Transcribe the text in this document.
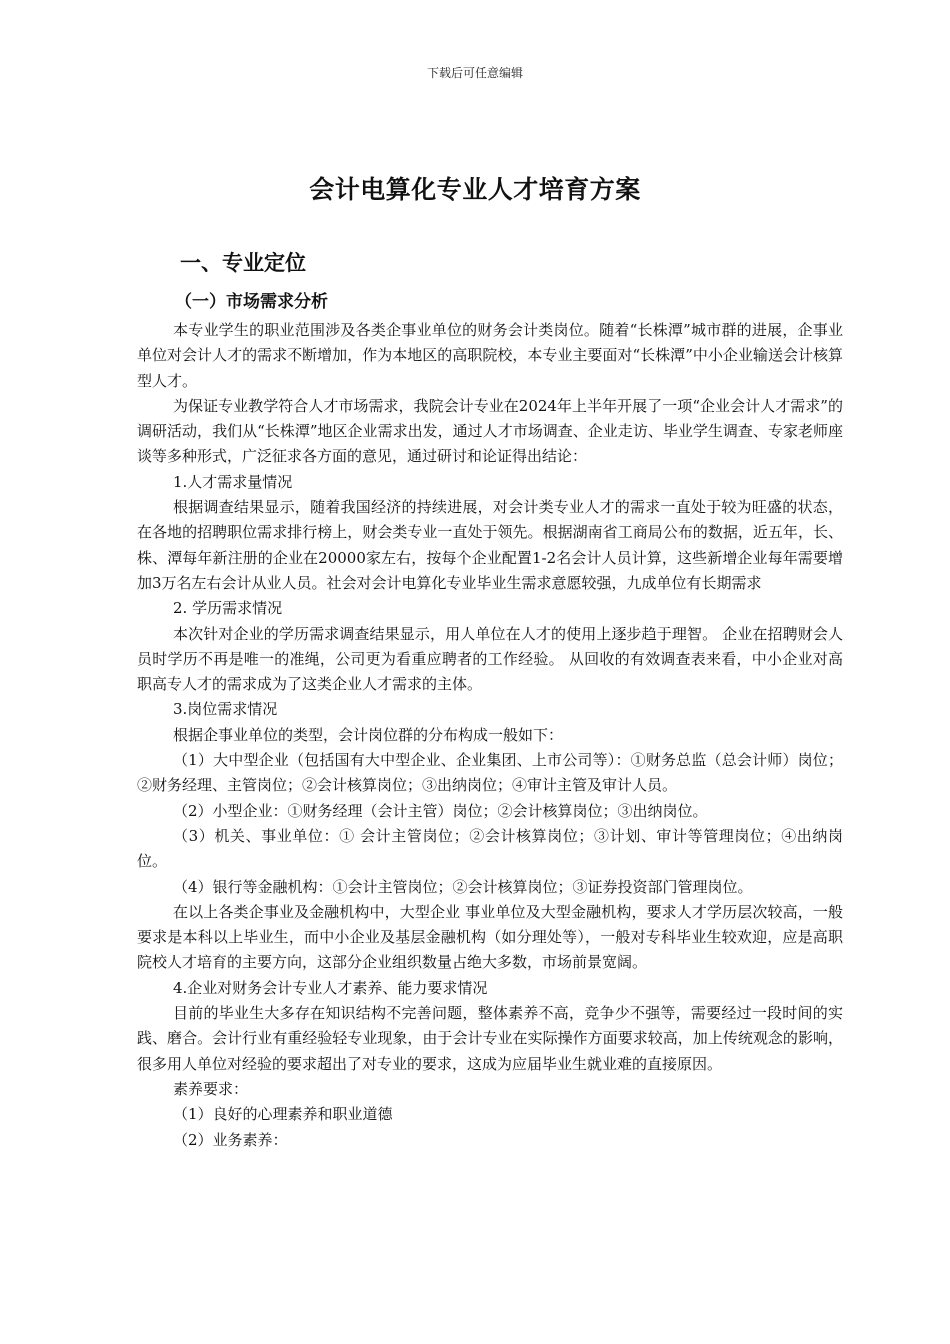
下载后可任意编辑
会计电算化专业人才培育方案
一、专业定位
（一）市场需求分析

本专业学生的职业范围涉及各类企事业单位的财务会计类岗位。随着“长株潭”城市群的进展，企事业单位对会计人才的需求不断增加，作为本地区的高职院校，本专业主要面对“长株潭”中小企业输送会计核算型人才。

为保证专业教学符合人才市场需求，我院会计专业在2024年上半年开展了一项“企业会计人才需求”的调研活动，我们从“长株潭”地区企业需求出发，通过人才市场调查、企业走访、毕业学生调查、专家老师座谈等多种形式，广泛征求各方面的意见，通过研讨和论证得出结论：

1.人才需求量情况

根据调查结果显示，随着我国经济的持续进展，对会计类专业人才的需求一直处于较为旺盛的状态，在各地的招聘职位需求排行榜上，财会类专业一直处于领先。根据湖南省工商局公布的数据，近五年，长、株、潭每年新注册的企业在20000家左右，按每个企业配置1-2名会计人员计算，这些新增企业每年需要增加3万名左右会计从业人员。社会对会计电算化专业毕业生需求意愿较强，九成单位有长期需求

2. 学历需求情况

本次针对企业的学历需求调查结果显示，用人单位在人才的使用上逐步趋于理智。 企业在招聘财会人员时学历不再是唯一的准绳，公司更为看重应聘者的工作经验。 从回收的有效调查表来看，中小企业对高职高专人才的需求成为了这类企业人才需求的主体。

3.岗位需求情况

根据企事业单位的类型，会计岗位群的分布构成一般如下：

（1）大中型企业（包括国有大中型企业、企业集团、上市公司等）：①财务总监（总会计师）岗位；②财务经理、主管岗位；②会计核算岗位；③出纳岗位；④审计主管及审计人员。

（2）小型企业：①财务经理（会计主管）岗位；②会计核算岗位；③出纳岗位。

（3）机关、事业单位：① 会计主管岗位；②会计核算岗位；③计划、审计等管理岗位；④出纳岗位。

（4）银行等金融机构：①会计主管岗位；②会计核算岗位；③证券投资部门管理岗位。

在以上各类企事业及金融机构中，大型企业 事业单位及大型金融机构，要求人才学历层次较高，一般要求是本科以上毕业生，而中小企业及基层金融机构（如分理处等），一般对专科毕业生较欢迎，应是高职院校人才培育的主要方向，这部分企业组织数量占绝大多数，市场前景宽阔。

4.企业对财务会计专业人才素养、能力要求情况

目前的毕业生大多存在知识结构不完善问题，整体素养不高，竞争少不强等，需要经过一段时间的实践、磨合。会计行业有重经验轻专业现象，由于会计专业在实际操作方面要求较高，加上传统观念的影响，很多用人单位对经验的要求超出了对专业的要求，这成为应届毕业生就业难的直接原因。

素养要求：

（1）良好的心理素养和职业道德

（2）业务素养：
